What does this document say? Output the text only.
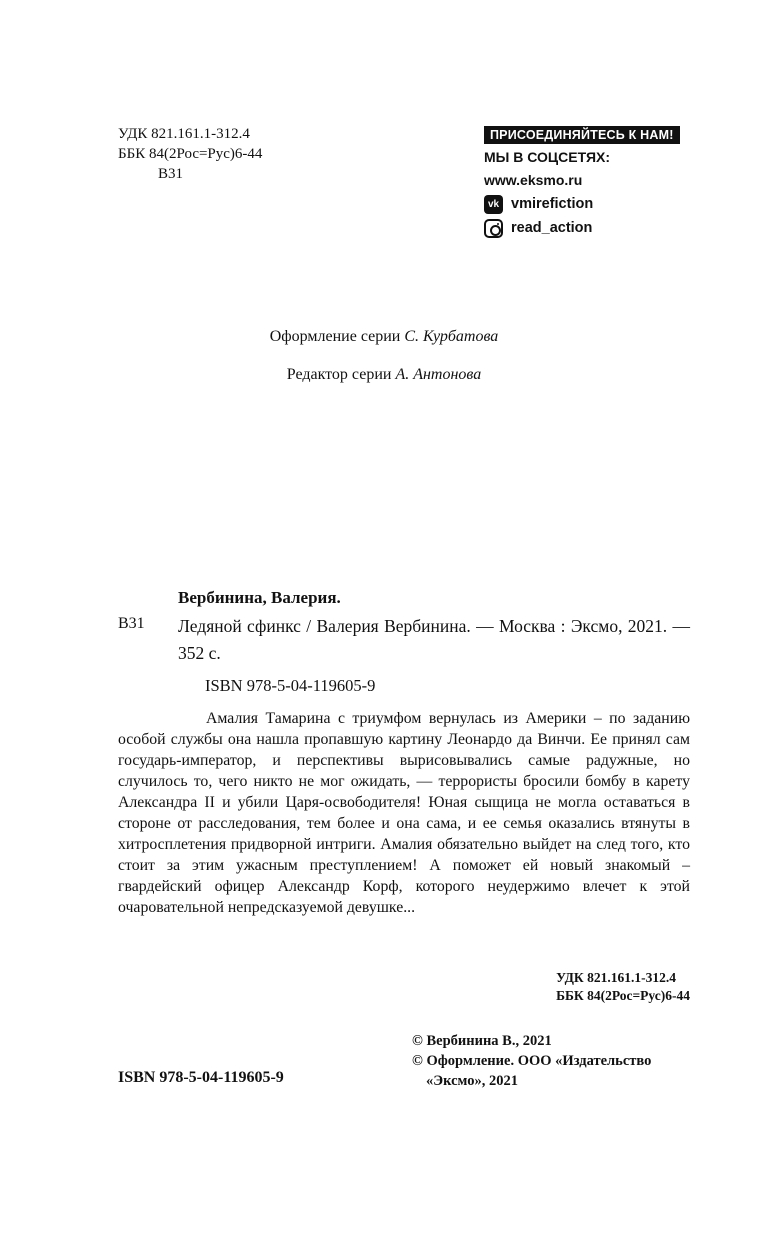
УДК 821.161.1-312.4
ББК 84(2Рос=Рус)6-44
В31
ПРИСОЕДИНЯЙТЕСЬ К НАМ!
МЫ В СОЦСЕТЯХ:
www.eksmo.ru
vk vmirefiction
read_action
Оформление серии С. Курбатова
Редактор серии А. Антонова
Вербинина, Валерия.
В31 Ледяной сфинкс / Валерия Вербинина. — Москва : Эксмо, 2021. — 352 с.
ISBN 978-5-04-119605-9

Амалия Тамарина с триумфом вернулась из Америки – по заданию особой службы она нашла пропавшую картину Леонардо да Винчи. Ее принял сам государь-император, и перспективы вырисовывались самые радужные, но случилось то, чего никто не мог ожидать, — террористы бросили бомбу в карету Александра II и убили Царя-освободителя! Юная сыщица не могла оставаться в стороне от расследования, тем более и она сама, и ее семья оказались втянуты в хитросплетения придворной интриги. Амалия обязательно выйдет на след того, кто стоит за этим ужасным преступлением! А поможет ей новый знакомый – гвардейский офицер Александр Корф, которого неудержимо влечет к этой очаровательной непредсказуемой девушке...

УДК 821.161.1-312.4
ББК 84(2Рос=Рус)6-44
© Вербинина В., 2021
© Оформление. ООО «Издательство
«Эксмо», 2021
ISBN 978-5-04-119605-9
